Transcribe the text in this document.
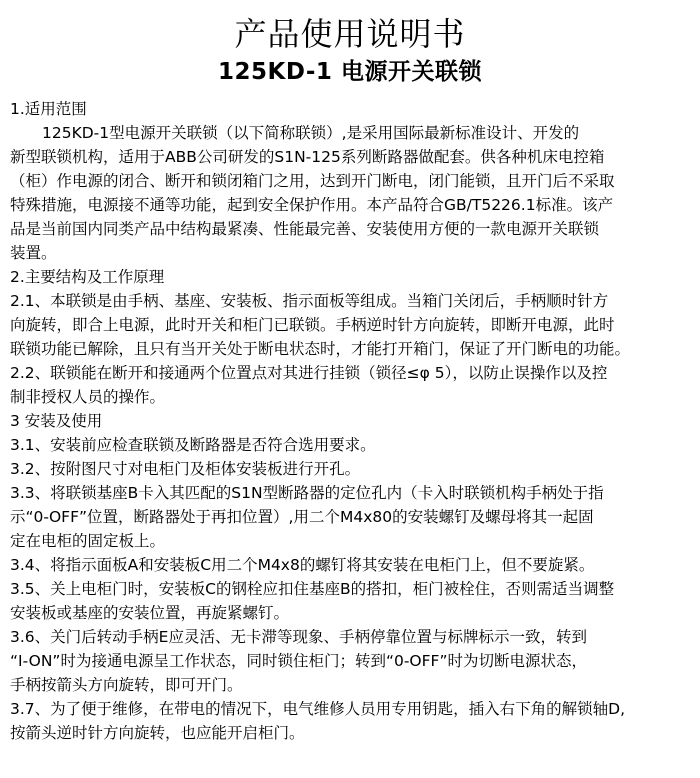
产品使用说明书
125KD-1 电源开关联锁
1.适用范围
125KD-1型电源开关联锁（以下简称联锁）,是采用国际最新标准设计、开发的
新型联锁机构，适用于ABB公司研发的S1N-125系列断路器做配套。供各种机床电控箱
（柜）作电源的闭合、断开和锁闭箱门之用，达到开门断电，闭门能锁，且开门后不采取
特殊措施，电源接不通等功能，起到安全保护作用。本产品符合GB/T5226.1标准。该产
品是当前国内同类产品中结构最紧凑、性能最完善、安装使用方便的一款电源开关联锁
装置。
2.主要结构及工作原理
2.1、本联锁是由手柄、基座、安装板、指示面板等组成。当箱门关闭后，手柄顺时针方
向旋转，即合上电源，此时开关和柜门已联锁。手柄逆时针方向旋转，即断开电源，此时
联锁功能已解除，且只有当开关处于断电状态时，才能打开箱门，保证了开门断电的功能。
2.2、联锁能在断开和接通两个位置点对其进行挂锁（锁径≤φ 5），以防止误操作以及控
制非授权人员的操作。
3 安装及使用
3.1、安装前应检查联锁及断路器是否符合选用要求。
3.2、按附图尺寸对电柜门及柜体安装板进行开孔。
3.3、将联锁基座B卡入其匹配的S1N型断路器的定位孔内（卡入时联锁机构手柄处于指
示“0-OFF”位置，断路器处于再扣位置）,用二个M4x80的安装螺钉及螺母将其一起固
定在电柜的固定板上。
3.4、将指示面板A和安装板C用二个M4x8的螺钉将其安装在电柜门上，但不要旋紧。
3.5、关上电柜门时，安装板C的钢栓应扣住基座B的搭扣，柜门被栓住，否则需适当调整
安装板或基座的安装位置，再旋紧螺钉。
3.6、关门后转动手柄E应灵活、无卡滞等现象、手柄停靠位置与标牌标示一致，转到
“Ⅰ-ON”时为接通电源呈工作状态，同时锁住柜门；转到“0-OFF”时为切断电源状态，
手柄按箭头方向旋转，即可开门。
3.7、为了便于维修，在带电的情况下，电气维修人员用专用钥匙，插入右下角的解锁轴D,
按箭头逆时针方向旋转，也应能开启柜门。
